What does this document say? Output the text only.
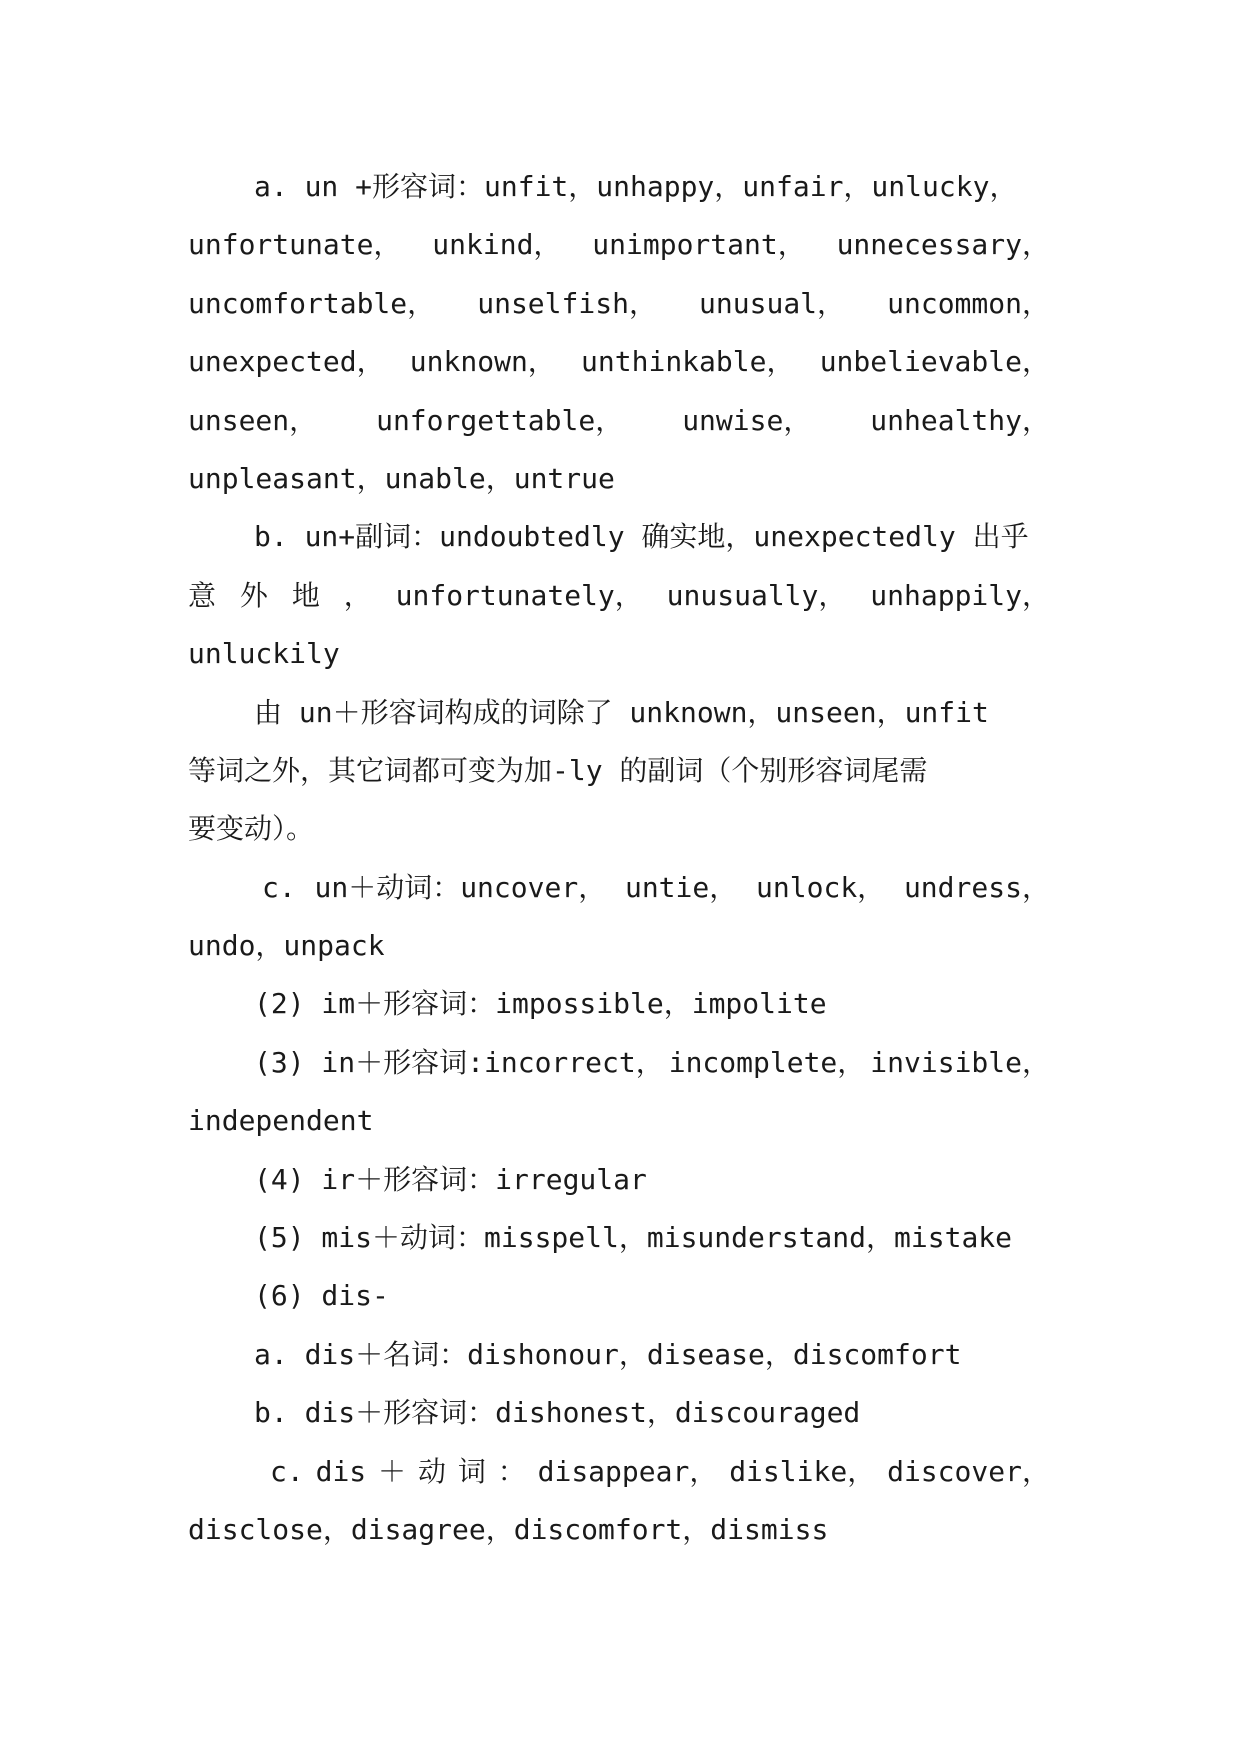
a. un +形容词：unfit，unhappy，unfair，unlucky，
unfortunate， unkind， unimportant， unnecessary，
uncomfortable， unselfish， unusual， uncommon，
unexpected， unknown， unthinkable， unbelievable，
unseen， unforgettable， unwise， unhealthy，
unpleasant，unable，untrue
b. un+副词：undoubtedly 确实地，unexpectedly 出乎
意 外 地 ， unfortunately， unusually， unhappily，
unluckily
由 un＋形容词构成的词除了 unknown，unseen，unfit
等词之外，其它词都可变为加-ly 的副词（个别形容词尾需
要变动）。
c. un＋动词：uncover， untie， unlock， undress，
undo，unpack
(2) im＋形容词：impossible，impolite
(3) in＋形容词:incorrect， incomplete， invisible，
independent
(4) ir＋形容词：irregular
(5) mis＋动词：misspell，misunderstand，mistake
(6) dis-
a. dis＋名词：dishonour，disease，discomfort
b. dis＋形容词：dishonest，discouraged
c. dis ＋ 动 词 ： disappear， dislike， discover，
disclose，disagree，discomfort，dismiss
